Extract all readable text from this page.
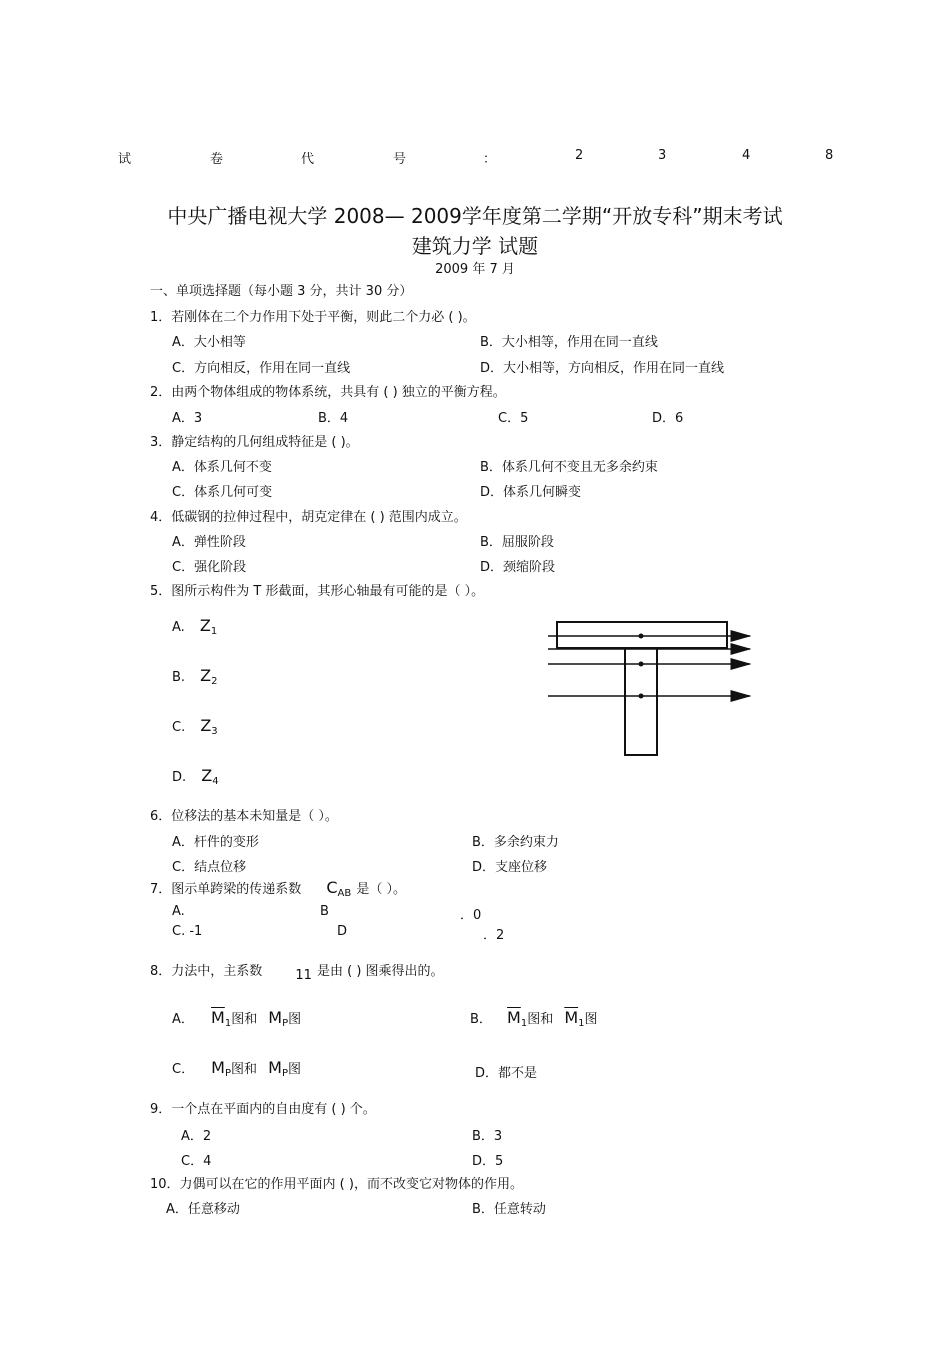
试	卷	代	号	：	2	3	4	8
中央广播电视大学 2008— 2009学年度第二学期“开放专科”期末考试
建筑力学 试题
2009 年 7 月
一、单项选择题（每小题 3 分，共计 30 分）
1．若刚体在二个力作用下处于平衡，则此二个力必 ( )。
A．大小相等	B．大小相等，作用在同一直线
C．方向相反，作用在同一直线	D．大小相等，方向相反，作用在同一直线
2．由两个物体组成的物体系统，共具有 ( ) 独立的平衡方程。
A．3	B．4	C．5	D．6
3．静定结构的几何组成特征是 ( )。
A．体系几何不变	B．体系几何不变且无多余约束
C．体系几何可变	D．体系几何瞬变
4．低碳钢的拉伸过程中，胡克定律在 ( ) 范围内成立。
A．弹性阶段	B．屈服阶段
C．强化阶段	D．颈缩阶段
5．图所示构件为 T 形截面，其形心轴最有可能的是（ ）。
A. $Z_1$
B. $Z_2$
C. $Z_3$
D. $Z_4$
6．位移法的基本未知量是（ ）。
A．杆件的变形	B．多余约束力
C．结点位移	D．支座位移
7．图示单跨梁的传递系数 $C_{AB}$ 是（ ）。
A.	B	．0
C. -1	D	．2
8．力法中，主系数	$_{11}$ 是由 ( ) 图乘得出的。
A． $\overline{M}_1$图和 $M_P$图	B． $\overline{M}_1$图和 $\overline{M}_1$图
C． $M_P$图和 $M_P$图	D．都不是
9．一个点在平面内的自由度有 ( ) 个。
A．2	B．3
C．4	D．5
10．力偶可以在它的作用平面内 ( )，而不改变它对物体的作用。
A．任意移动	B．任意转动
